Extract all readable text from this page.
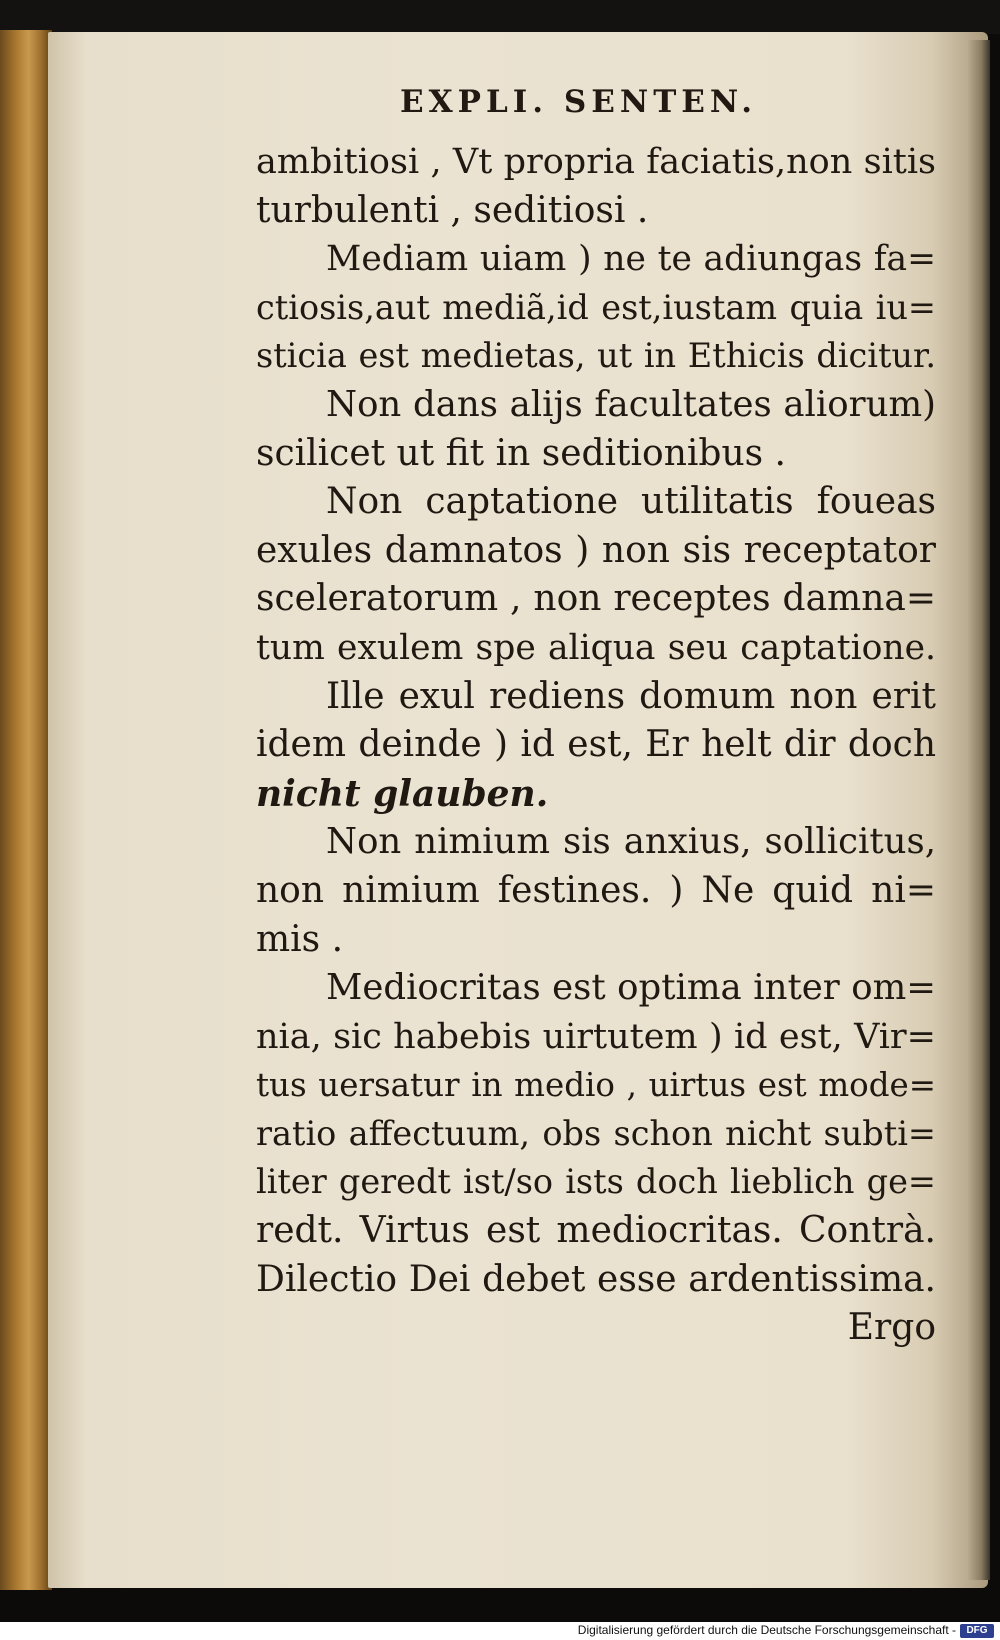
EXPLI. SENTEN.
ambitiosi , Vt propria faciatis,non sitis
turbulenti , seditiosi .
Mediam uiam ) ne te adiungas fa=
ctiosis,aut mediã,id est,iustam quia iu=
sticia est medietas, ut in Ethicis dicitur.
Non dans alijs facultates aliorum)
scilicet ut fit in seditionibus .
Non captatione utilitatis foueas
exules damnatos ) non sis receptator
sceleratorum , non receptes damna=
tum exulem spe aliqua seu captatione.
Ille exul rediens domum non erit
idem deinde ) id est, Er helt dir doch
nicht glauben.
Non nimium sis anxius, sollicitus,
non nimium festines. ) Ne quid ni=
mis .
Mediocritas est optima inter om=
nia, sic habebis uirtutem ) id est, Vir=
tus uersatur in medio , uirtus est mode=
ratio affectuum, obs schon nicht subti=
liter geredt ist/so ists doch lieblich ge=
redt. Virtus est mediocritas. Contrà.
Dilectio Dei debet esse ardentissima.
Ergo
Digitalisierung gefördert durch die Deutsche Forschungsgemeinschaft -	DFG
